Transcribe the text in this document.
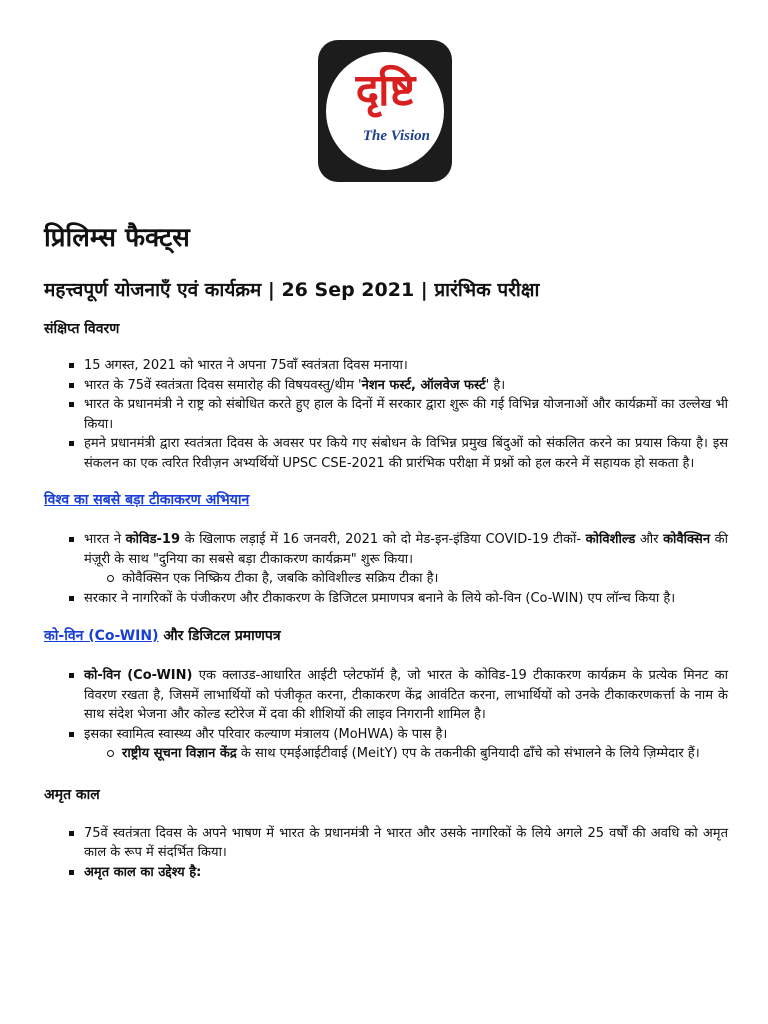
दृष्टि
The Vision
प्रिलिम्स फैक्ट्स
महत्त्वपूर्ण योजनाएँ एवं कार्यक्रम | 26 Sep 2021 | प्रारंभिक परीक्षा
संक्षिप्त विवरण
15 अगस्त, 2021 को भारत ने अपना 75वाँ स्वतंत्रता दिवस मनाया।
भारत के 75वें स्वतंत्रता दिवस समारोह की विषयवस्तु/थीम 'नेशन फर्स्ट, ऑलवेज फर्स्ट' है।
भारत के प्रधानमंत्री ने राष्ट्र को संबोधित करते हुए हाल के दिनों में सरकार द्वारा शुरू की गई विभिन्न योजनाओं और कार्यक्रमों का उल्लेख भी किया।
हमने प्रधानमंत्री द्वारा स्वतंत्रता दिवस के अवसर पर किये गए संबोधन के विभिन्न प्रमुख बिंदुओं को संकलित करने का प्रयास किया है। इस संकलन का एक त्वरित रिवीज़न अभ्यर्थियों UPSC CSE-2021 की प्रारंभिक परीक्षा में प्रश्नों को हल करने में सहायक हो सकता है।
विश्व का सबसे बड़ा टीकाकरण अभियान
भारत ने कोविड-19 के खिलाफ लड़ाई में 16 जनवरी, 2021 को दो मेड-इन-इंडिया COVID-19 टीकों- कोविशील्ड और कोवैक्सिन की मंज़ूरी के साथ "दुनिया का सबसे बड़ा टीकाकरण कार्यक्रम" शुरू किया।
कोवैक्सिन एक निष्क्रिय टीका है, जबकि कोविशील्ड सक्रिय टीका है।
सरकार ने नागरिकों के पंजीकरण और टीकाकरण के डिजिटल प्रमाणपत्र बनाने के लिये को-विन (Co-WIN) एप लॉन्च किया है।
को-विन (Co-WIN) और डिजिटल प्रमाणपत्र
को-विन (Co-WIN) एक क्लाउड-आधारित आईटी प्लेटफॉर्म है, जो भारत के कोविड-19 टीकाकरण कार्यक्रम के प्रत्येक मिनट का विवरण रखता है, जिसमें लाभार्थियों को पंजीकृत करना, टीकाकरण केंद्र आवंटित करना, लाभार्थियों को उनके टीकाकरणकर्त्ता के नाम के साथ संदेश भेजना और कोल्ड स्टोरेज में दवा की शीशियों की लाइव निगरानी शामिल है।
इसका स्वामित्व स्वास्थ्य और परिवार कल्याण मंत्रालय (MoHWA) के पास है।
राष्ट्रीय सूचना विज्ञान केंद्र के साथ एमईआईटीवाई (MeitY) एप के तकनीकी बुनियादी ढाँचे को संभालने के लिये ज़िम्मेदार हैं।
अमृत काल
75वें स्वतंत्रता दिवस के अपने भाषण में भारत के प्रधानमंत्री ने भारत और उसके नागरिकों के लिये अगले 25 वर्षों की अवधि को अमृत काल के रूप में संदर्भित किया।
अमृत काल का उद्देश्य है:
